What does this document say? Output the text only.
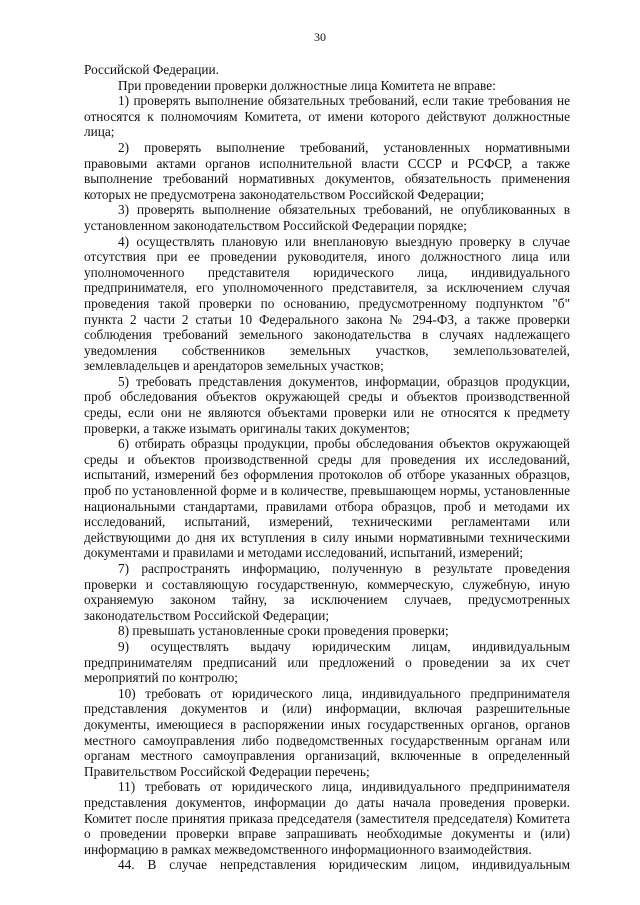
30

Российской Федерации.

При проведении проверки должностные лица Комитета не вправе:

1) проверять выполнение обязательных требований, если такие требования не относятся к полномочиям Комитета, от имени которого действуют должностные лица;

2) проверять выполнение требований, установленных нормативными правовыми актами органов исполнительной власти СССР и РСФСР, а также выполнение требований нормативных документов, обязательность применения которых не предусмотрена законодательством Российской Федерации;

3) проверять выполнение обязательных требований, не опубликованных в установленном законодательством Российской Федерации порядке;

4) осуществлять плановую или внеплановую выездную проверку в случае отсутствия при ее проведении руководителя, иного должностного лица или уполномоченного представителя юридического лица, индивидуального предпринимателя, его уполномоченного представителя, за исключением случая проведения такой проверки по основанию, предусмотренному подпунктом "б" пункта 2 части 2 статьи 10 Федерального закона № 294-ФЗ, а также проверки соблюдения требований земельного законодательства в случаях надлежащего уведомления собственников земельных участков, землепользователей, землевладельцев и арендаторов земельных участков;

5) требовать представления документов, информации, образцов продукции, проб обследования объектов окружающей среды и объектов производственной среды, если они не являются объектами проверки или не относятся к предмету проверки, а также изымать оригиналы таких документов;

6) отбирать образцы продукции, пробы обследования объектов окружающей среды и объектов производственной среды для проведения их исследований, испытаний, измерений без оформления протоколов об отборе указанных образцов, проб по установленной форме и в количестве, превышающем нормы, установленные национальными стандартами, правилами отбора образцов, проб и методами их исследований, испытаний, измерений, техническими регламентами или действующими до дня их вступления в силу иными нормативными техническими документами и правилами и методами исследований, испытаний, измерений;

7) распространять информацию, полученную в результате проведения проверки и составляющую государственную, коммерческую, служебную, иную охраняемую законом тайну, за исключением случаев, предусмотренных законодательством Российской Федерации;

8) превышать установленные сроки проведения проверки;

9) осуществлять выдачу юридическим лицам, индивидуальным предпринимателям предписаний или предложений о проведении за их счет мероприятий по контролю;

10) требовать от юридического лица, индивидуального предпринимателя представления документов и (или) информации, включая разрешительные документы, имеющиеся в распоряжении иных государственных органов, органов местного самоуправления либо подведомственных государственным органам или органам местного самоуправления организаций, включенные в определенный Правительством Российской Федерации перечень;

11) требовать от юридического лица, индивидуального предпринимателя представления документов, информации до даты начала проведения проверки. Комитет после принятия приказа председателя (заместителя председателя) Комитета о проведении проверки вправе запрашивать необходимые документы и (или) информацию в рамках межведомственного информационного взаимодействия.

44. В случае непредставления юридическим лицом, индивидуальным
